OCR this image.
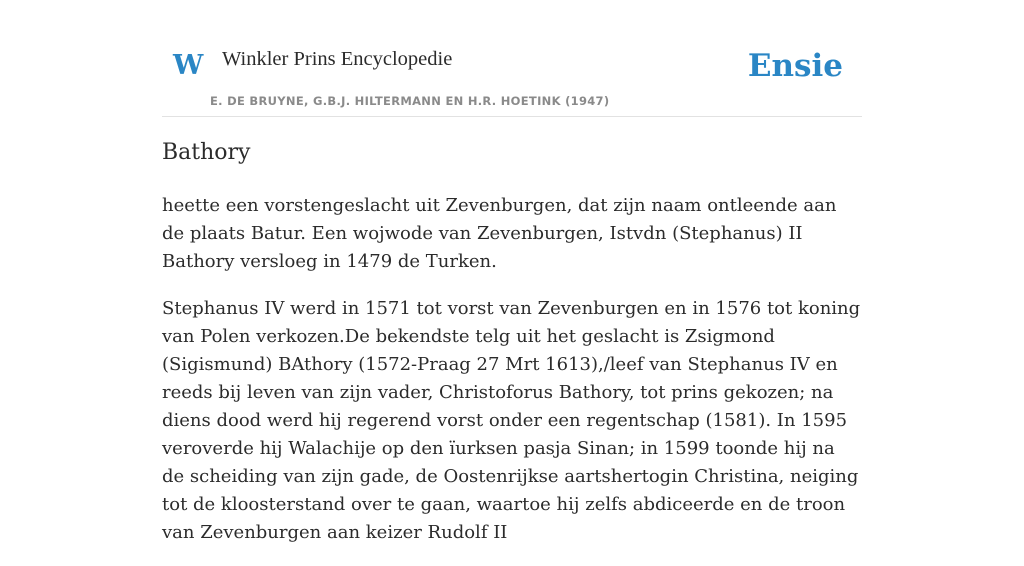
W Winkler Prins Encyclopedie
E. DE BRUYNE, G.B.J. HILTERMANN EN H.R. HOETINK (1947)
Ensie
Bathory

heette een vorstengeslacht uit Zevenburgen, dat zijn naam ontleende aan de plaats Batur. Een wojwode van Zevenburgen, Istvdn (Stephanus) II Bathory versloeg in 1479 de Turken.

Stephanus IV werd in 1571 tot vorst van Zevenburgen en in 1576 tot koning van Polen verkozen.De bekendste telg uit het geslacht is Zsigmond (Sigismund) BAthory (1572-Praag 27 Mrt 1613),/leef van Stephanus IV en reeds bij leven van zijn vader, Christoforus Bathory, tot prins gekozen; na diens dood werd hij regerend vorst onder een regentschap (1581). In 1595 veroverde hij Walachije op den ïurksen pasja Sinan; in 1599 toonde hij na de scheiding van zijn gade, de Oostenrijkse aartshertogin Christina, neiging tot de kloosterstand over te gaan, waartoe hij zelfs abdiceerde en de troon van Zevenburgen aan keizer Rudolf II
